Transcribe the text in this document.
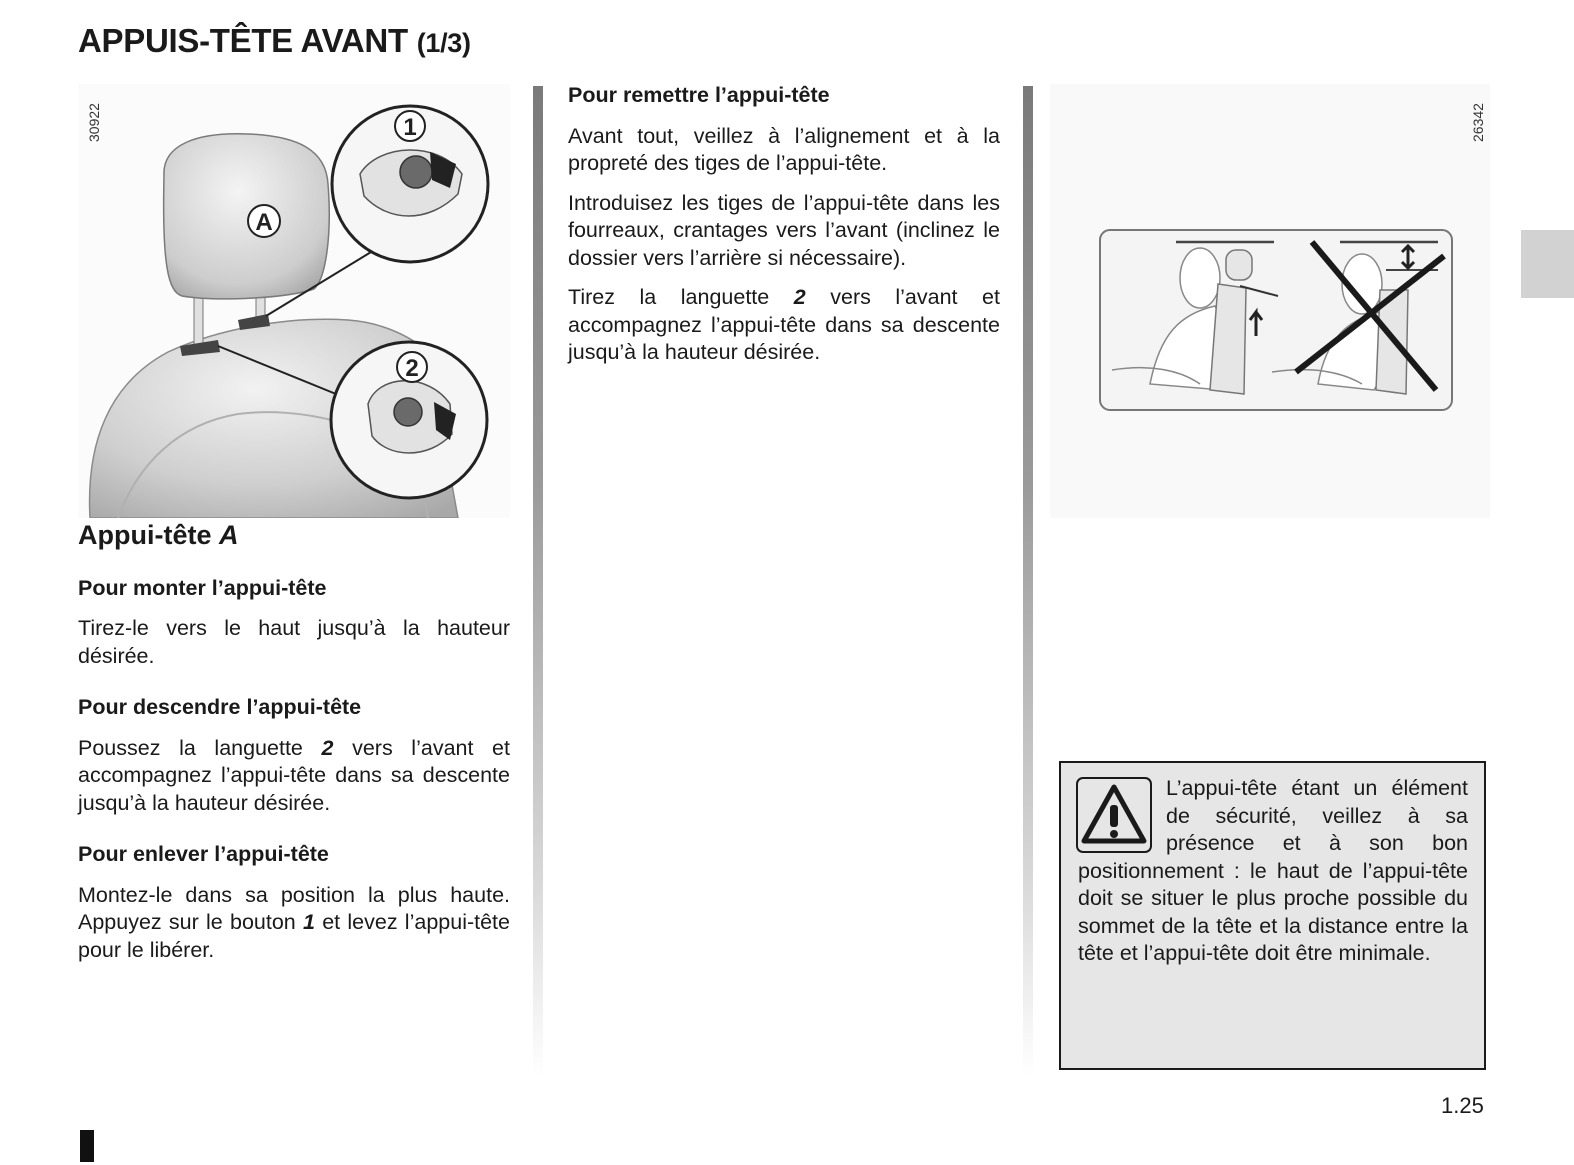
APPUIS-TÊTE AVANT (1/3)
A
1
2
30922	26342
Appui-tête A
Pour monter l’appui-tête

Tirez-le vers le haut jusqu’à la hauteur désirée.

Pour descendre l’appui-tête

Poussez la languette 2 vers l’avant et accompagnez l’appui-tête dans sa descente jusqu’à la hauteur désirée.

Pour enlever l’appui-tête

Montez-le dans sa position la plus haute. Appuyez sur le bouton 1 et levez l’appui-tête pour le libérer.

Pour remettre l’appui-tête

Avant tout, veillez à l’alignement et à la propreté des tiges de l’appui-tête.

Introduisez les tiges de l’appui-tête dans les fourreaux, crantages vers l’avant (inclinez le dossier vers l’arrière si nécessaire).

Tirez la languette 2 vers l’avant et accompagnez l’appui-tête dans sa descente jusqu’à la hauteur désirée.

L’appui-tête étant un élément de sécurité, veillez à sa présence et à son bon positionnement : le haut de l’appui-tête doit se situer le plus proche possible du sommet de la tête et la distance entre la tête et l’appui-tête doit être minimale.
1.25
